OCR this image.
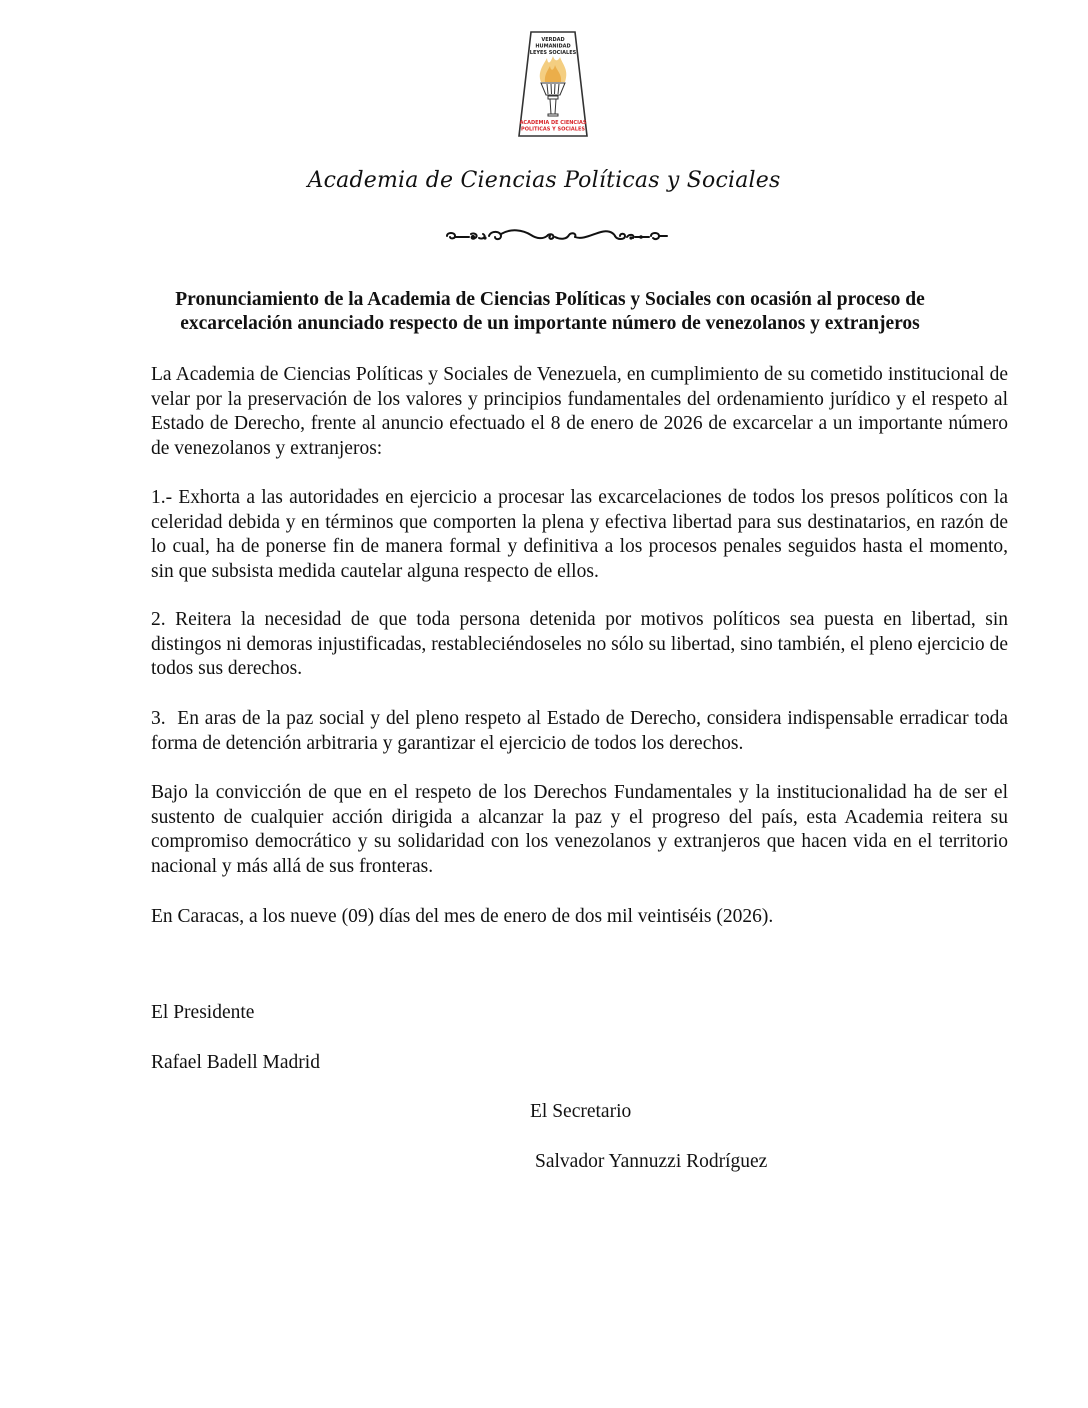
VERDAD
HUMANIDAD
LEYES SOCIALES
ACADEMIA DE CIENCIAS
POLITICAS Y SOCIALES
Academia de Ciencias Políticas y Sociales
Pronunciamiento de la Academia de Ciencias Políticas y Sociales con ocasión al proceso de excarcelación anunciado respecto de un importante número de venezolanos y extranjeros

La Academia de Ciencias Políticas y Sociales de Venezuela, en cumplimiento de su cometido institucional de velar por la preservación de los valores y principios fundamentales del ordenamiento jurídico y el respeto al Estado de Derecho, frente al anuncio efectuado el 8 de enero de 2026 de excarcelar a un importante número de venezolanos y extranjeros:

1.- Exhorta a las autoridades en ejercicio a procesar las excarcelaciones de todos los presos políticos con la celeridad debida y en términos que comporten la plena y efectiva libertad para sus destinatarios, en razón de lo cual, ha de ponerse fin de manera formal y definitiva a los procesos penales seguidos hasta el momento, sin que subsista medida cautelar alguna respecto de ellos.

2. Reitera la necesidad de que toda persona detenida por motivos políticos sea puesta en libertad, sin distingos ni demoras injustificadas, restableciéndoseles no sólo su libertad, sino también, el pleno ejercicio de todos sus derechos.

3.  En aras de la paz social y del pleno respeto al Estado de Derecho, considera indispensable erradicar toda forma de detención arbitraria y garantizar el ejercicio de todos los derechos.

Bajo la convicción de que en el respeto de los Derechos Fundamentales y la institucionalidad ha de ser el sustento de cualquier acción dirigida a alcanzar la paz y el progreso del país, esta Academia reitera su compromiso democrático y su solidaridad con los venezolanos y extranjeros que hacen vida en el territorio nacional y más allá de sus fronteras.

En Caracas, a los nueve (09) días del mes de enero de dos mil veintiséis (2026).

El Presidente
Rafael Badell Madrid
El Secretario
Salvador Yannuzzi Rodríguez
